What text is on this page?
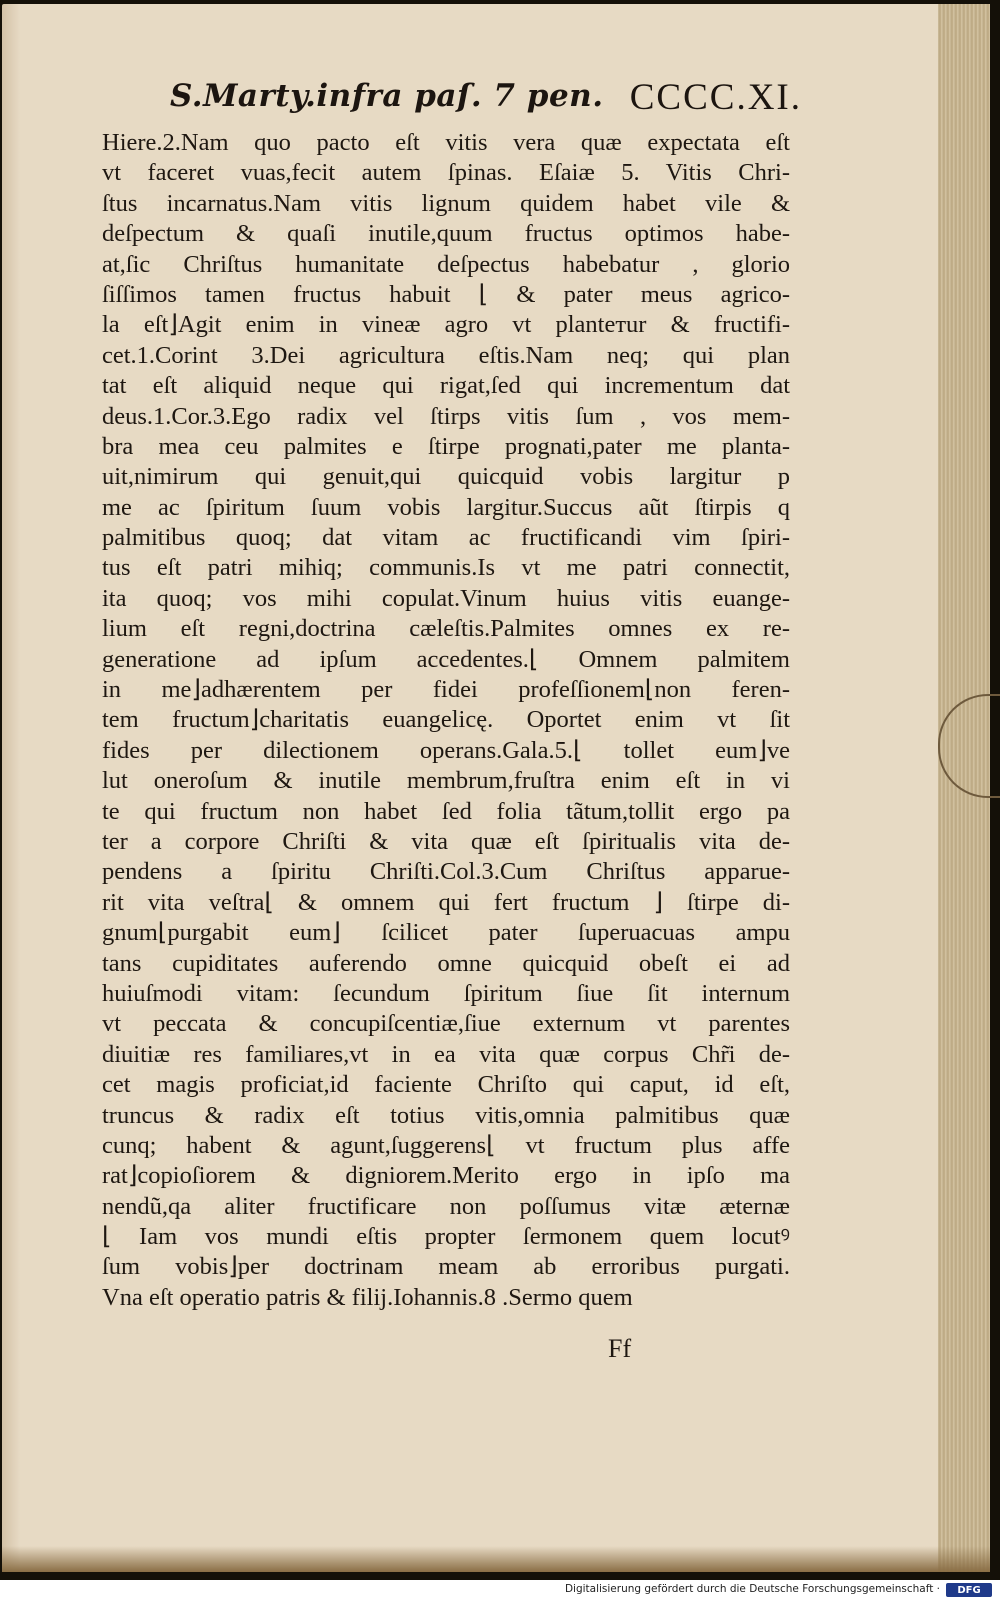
S.Marty.infra paſ. 7 pen. CCCC.XI.
Hiere.2.Nam quo pacto eſt vitis vera quæ expectata eſt
vt faceret vuas,fecit autem ſpinas. Eſaiæ 5. Vitis Chri-
ſtus incarnatus.Nam vitis lignum quidem habet vile &
deſpectum & quaſi inutile,quum fructus optimos habe-
at,ſic Chriſtus humanitate deſpectus habebatur , glorio
ſiſſimos tamen fructus habuit ⌊ & pater meus agrico-
la eſt⌋Agit enim in vineæ agro vt planteтur & fructifi-
cet.1.Corint 3.Dei agricultura eſtis.Nam neq; qui plan
tat eſt aliquid neque qui rigat,ſed qui incrementum dat
deus.1.Cor.3.Ego radix vel ſtirps vitis ſum , vos mem-
bra mea ceu palmites e ſtirpe prognati,pater me planta-
uit,nimirum qui genuit,qui quicquid vobis largitur p
me ac ſpiritum ſuum vobis largitur.Succus aũt ſtirpis q
palmitibus quoq; dat vitam ac fructificandi vim ſpiri-
tus eſt patri mihiq; communis.Is vt me patri connectit,
ita quoq; vos mihi copulat.Vinum huius vitis euange-
lium eſt regni,doctrina cæleſtis.Palmites omnes ex re-
generatione ad ipſum accedentes.⌊ Omnem palmitem
in me⌋adhærentem per fidei profeſſionem⌊non feren-
tem fructum⌋charitatis euangelicę. Oportet enim vt ſit
fides per dilectionem operans.Gala.5.⌊ tollet eum⌋ve
lut oneroſum & inutile membrum,fruſtra enim eſt in vi
te qui fructum non habet ſed folia tãtum,tollit ergo pa
ter a corpore Chriſti & vita quæ eſt ſpiritualis vita de-
pendens a ſpiritu Chriſti.Col.3.Cum Chriſtus apparue-
rit vita veſtra⌊ & omnem qui fert fructum ⌋ ſtirpe di-
gnum⌊purgabit eum⌋ ſcilicet pater ſuperuacuas ampu
tans cupiditates auferendo omne quicquid obeſt ei ad
huiuſmodi vitam: ſecundum ſpiritum ſiue ſit internum
vt peccata & concupiſcentiæ,ſiue externum vt parentes
diuitiæ res familiares,vt in ea vita quæ corpus Chr̃i de-
cet magis proficiat,id faciente Chriſto qui caput, id eſt,
truncus & radix eſt totius vitis,omnia palmitibus quæ
cunq; habent & agunt,ſuggerens⌊ vt fructum plus affe
rat⌋copioſiorem & digniorem.Merito ergo in ipſo ma
nendũ,qa aliter fructificare non poſſumus vitæ æternæ
⌊ Iam vos mundi eſtis propter ſermonem quem locutꝰ
ſum vobis⌋per doctrinam meam ab erroribus purgati.
Vna eſt operatio patris & filij.Iohannis.8 .Sermo quem
Ff
Digitalisierung gefördert durch die Deutsche Forschungsgemeinschaft ·	DFG
